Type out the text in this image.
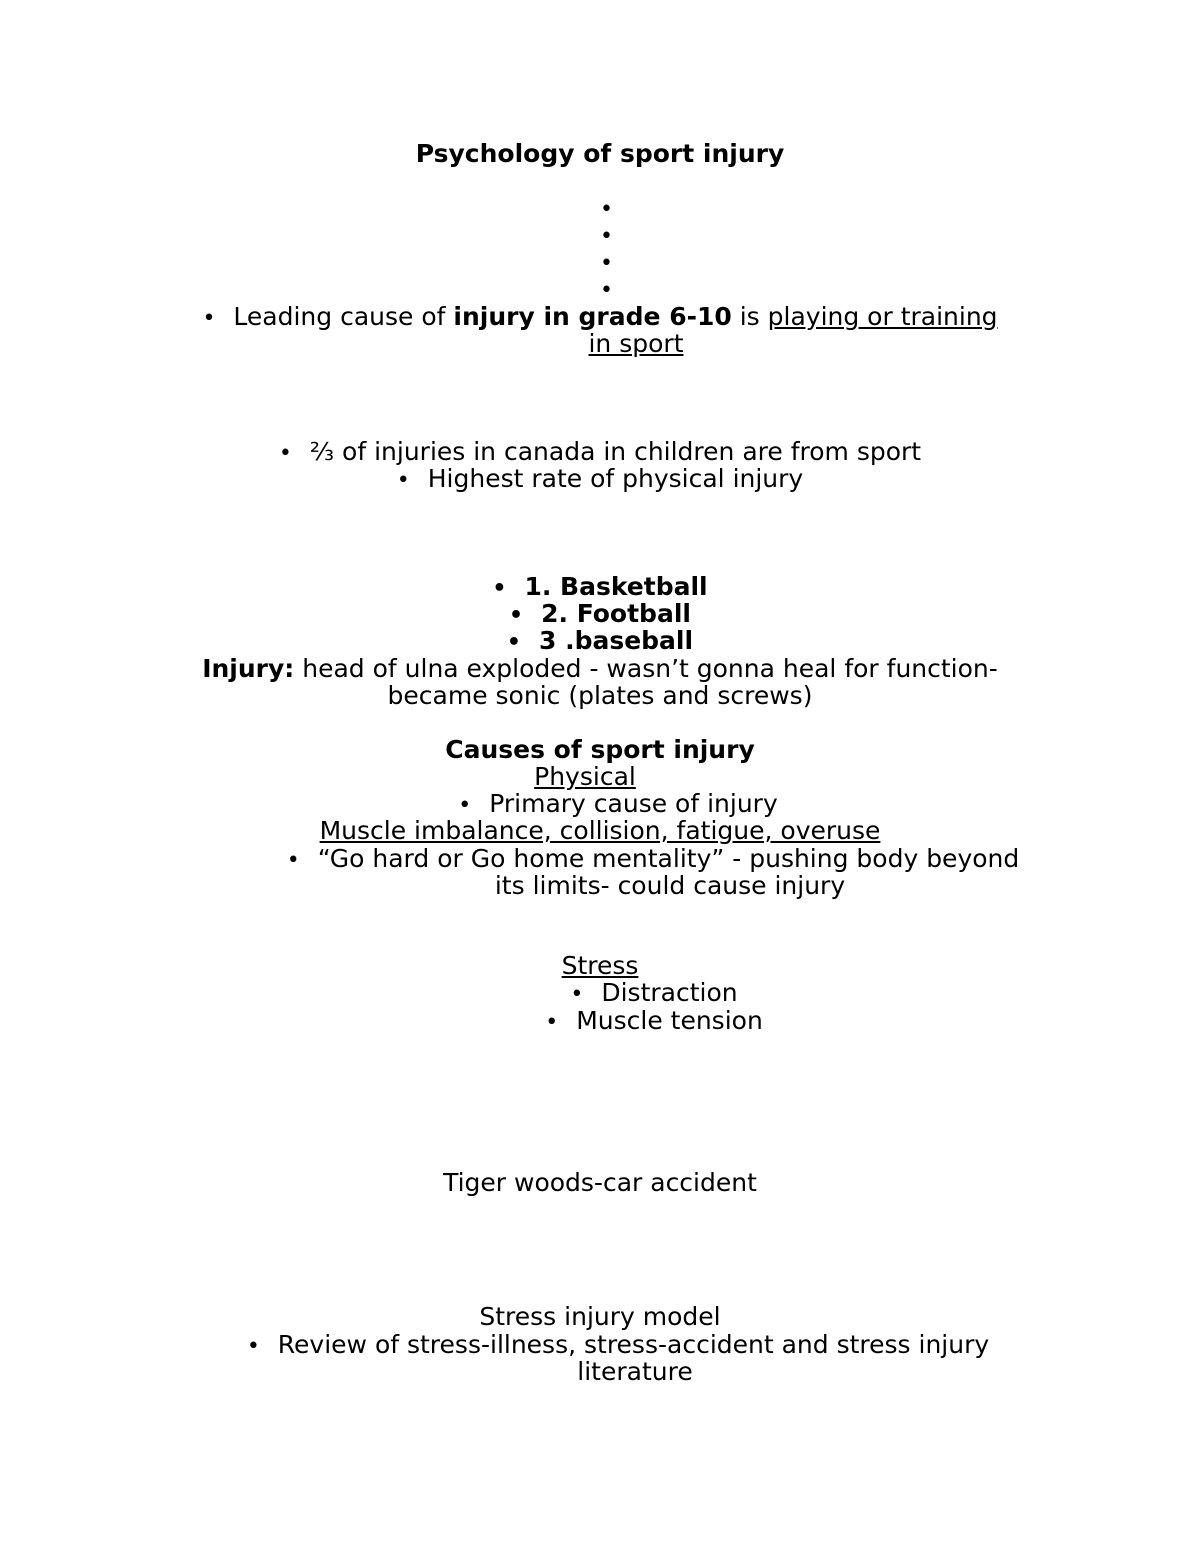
Psychology of sport injury
•
•
•
•
• Leading cause of injury in grade 6-10 is playing or training
in sport
• ⅔ of injuries in canada in children are from sport
• Highest rate of physical injury
• 1. Basketball
• 2. Football
• 3 .baseball
Injury: head of ulna exploded - wasn’t gonna heal for function-
became sonic (plates and screws)
Causes of sport injury
Physical
• Primary cause of injury
Muscle imbalance, collision, fatigue, overuse
• “Go hard or Go home mentality” - pushing body beyond
its limits- could cause injury
Stress
• Distraction
• Muscle tension
Tiger woods-car accident
Stress injury model
• Review of stress-illness, stress-accident and stress injury
literature
